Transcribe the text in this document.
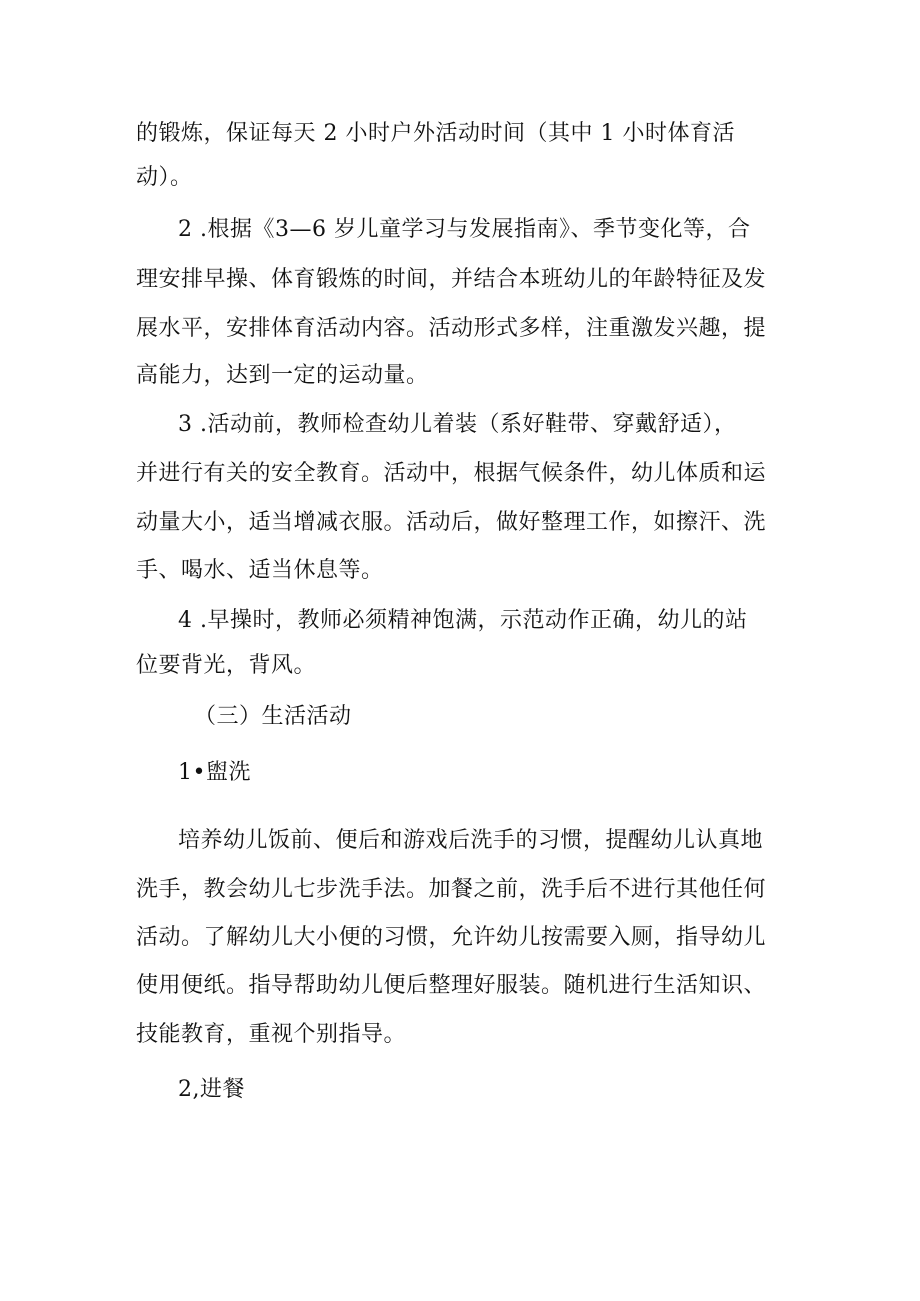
的锻炼，保证每天 2 小时户外活动时间（其中 1 小时体育活
动）。
2 .根据《3—6 岁儿童学习与发展指南》、季节变化等，合
理安排早操、体育锻炼的时间，并结合本班幼儿的年龄特征及发
展水平，安排体育活动内容。活动形式多样，注重激发兴趣，提
高能力，达到一定的运动量。
3 .活动前，教师检查幼儿着装（系好鞋带、穿戴舒适），
并进行有关的安全教育。活动中，根据气候条件，幼儿体质和运
动量大小，适当增减衣服。活动后，做好整理工作，如擦汗、洗
手、喝水、适当休息等。
4 .早操时，教师必须精神饱满，示范动作正确，幼儿的站
位要背光，背风。
（三）生活活动
1•盥洗
培养幼儿饭前、便后和游戏后洗手的习惯，提醒幼儿认真地
洗手，教会幼儿七步洗手法。加餐之前，洗手后不进行其他任何
活动。了解幼儿大小便的习惯，允许幼儿按需要入厕，指导幼儿
使用便纸。指导帮助幼儿便后整理好服装。随机进行生活知识、
技能教育，重视个别指导。
2,进餐
